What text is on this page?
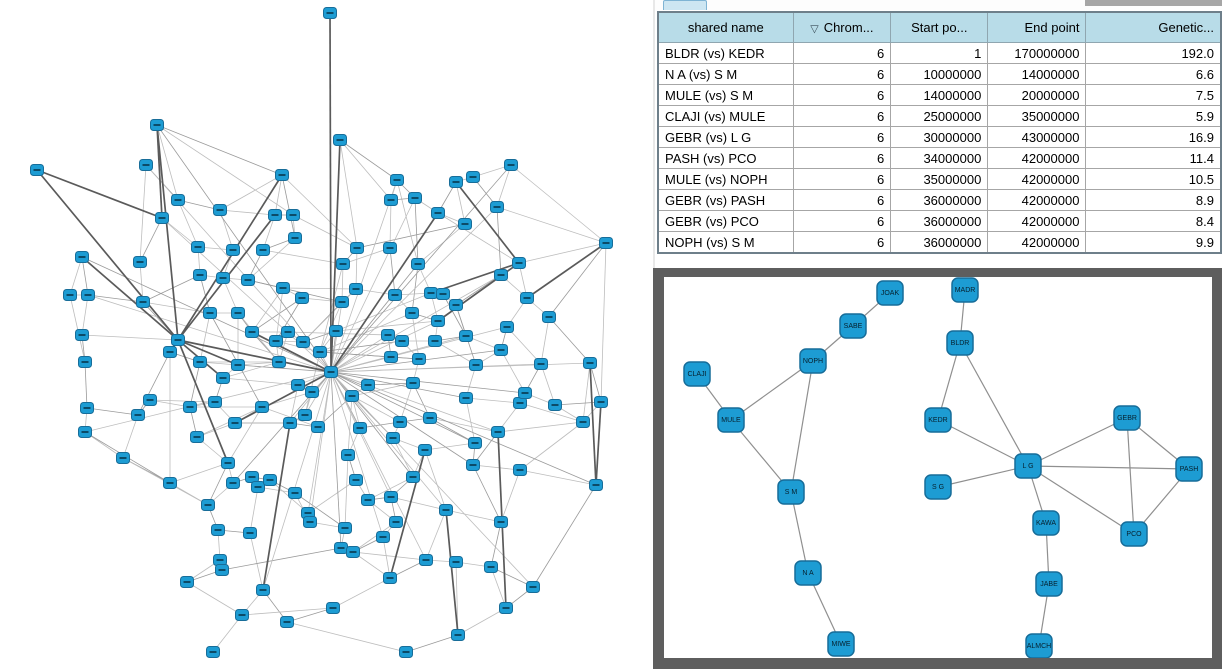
shared name	▽ Chrom...	Start po...	End point	Genetic...
BLDR (vs) KEDR	6	1	170000000	192.0
N A (vs) S M	6	10000000	14000000	6.6
MULE (vs) S M	6	14000000	20000000	7.5
CLAJI (vs) MULE	6	25000000	35000000	5.9
GEBR (vs) L G	6	30000000	43000000	16.9
PASH (vs) PCO	6	34000000	42000000	11.4
MULE (vs) NOPH	6	35000000	42000000	10.5
GEBR (vs) PASH	6	36000000	42000000	8.9
GEBR (vs) PCO	6	36000000	42000000	8.4
NOPH (vs) S M	6	36000000	42000000	9.9
JOAK	MADR
SABE
NOPH
CLAJI
BLDR
MULE	KEDR	GEBR
L G	PASH
S G
S M
KAWA
PCO
N A
JABE
MIWE	ALMCH
